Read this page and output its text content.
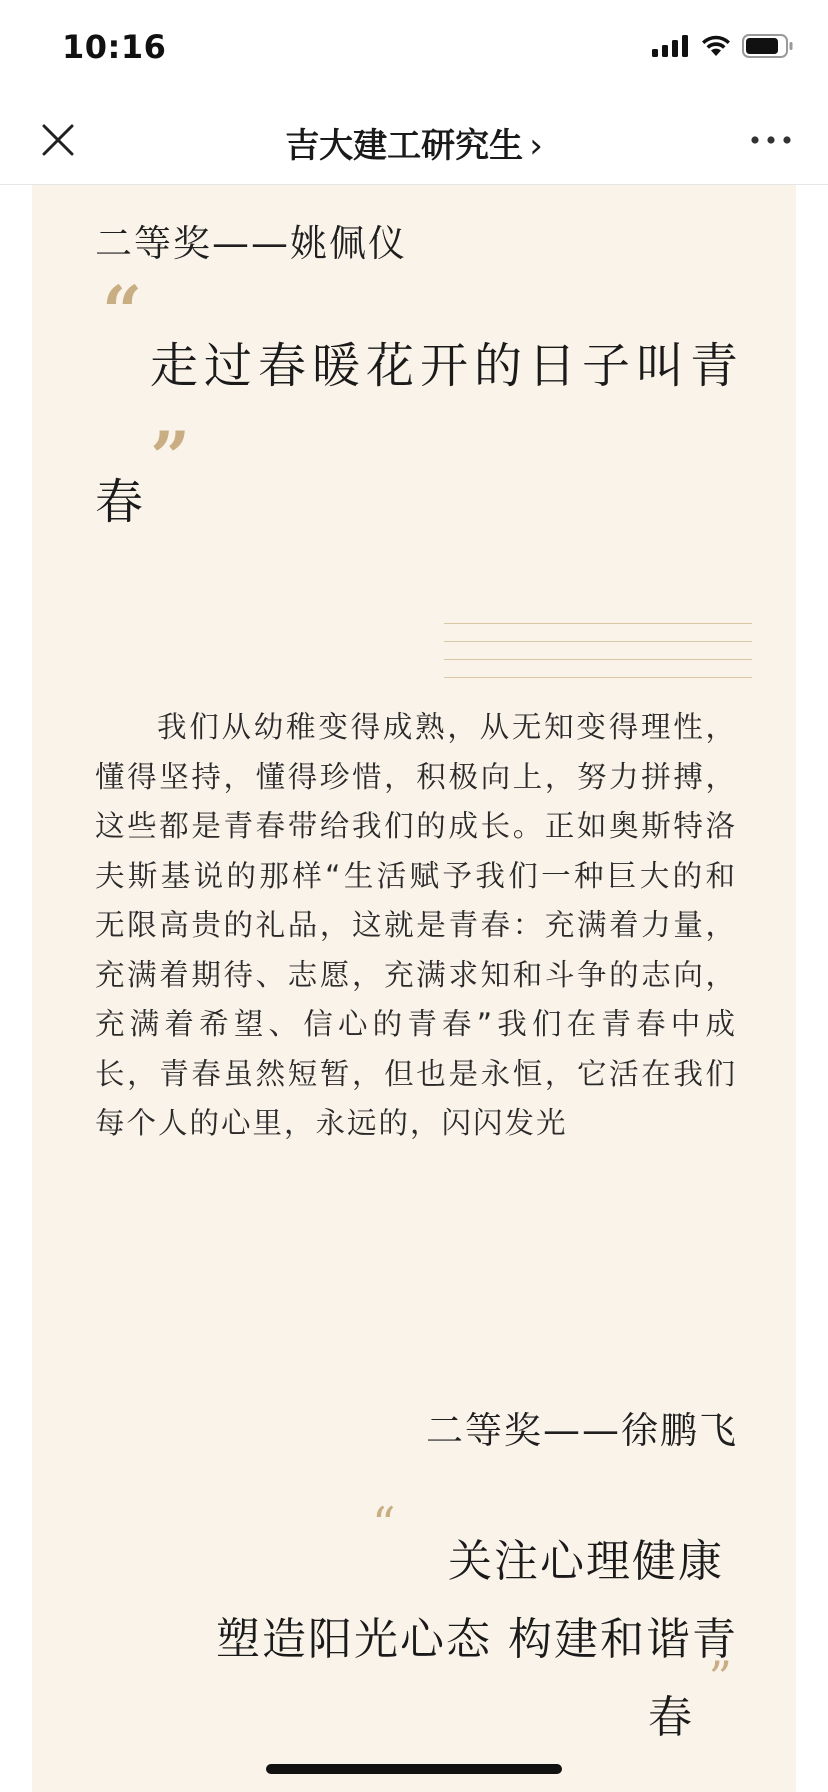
10:16
吉大建工研究生 ›
二等奖——姚佩仪
“
走过春暖花开的日子叫青
”
春

我们从幼稚变得成熟，从无知变得理性，懂得坚持，懂得珍惜，积极向上，努力拼搏，这些都是青春带给我们的成长。正如奥斯特洛夫斯基说的那样“生活赋予我们一种巨大的和无限高贵的礼品，这就是青春：充满着力量，充满着期待、志愿，充满求知和斗争的志向，充满着希望、信心的青春”我们在青春中成长，青春虽然短暂，但也是永恒，它活在我们每个人的心里，永远的，闪闪发光

二等奖——徐鹏飞
“
关注心理健康
塑造阳光心态 构建和谐青
”
春
